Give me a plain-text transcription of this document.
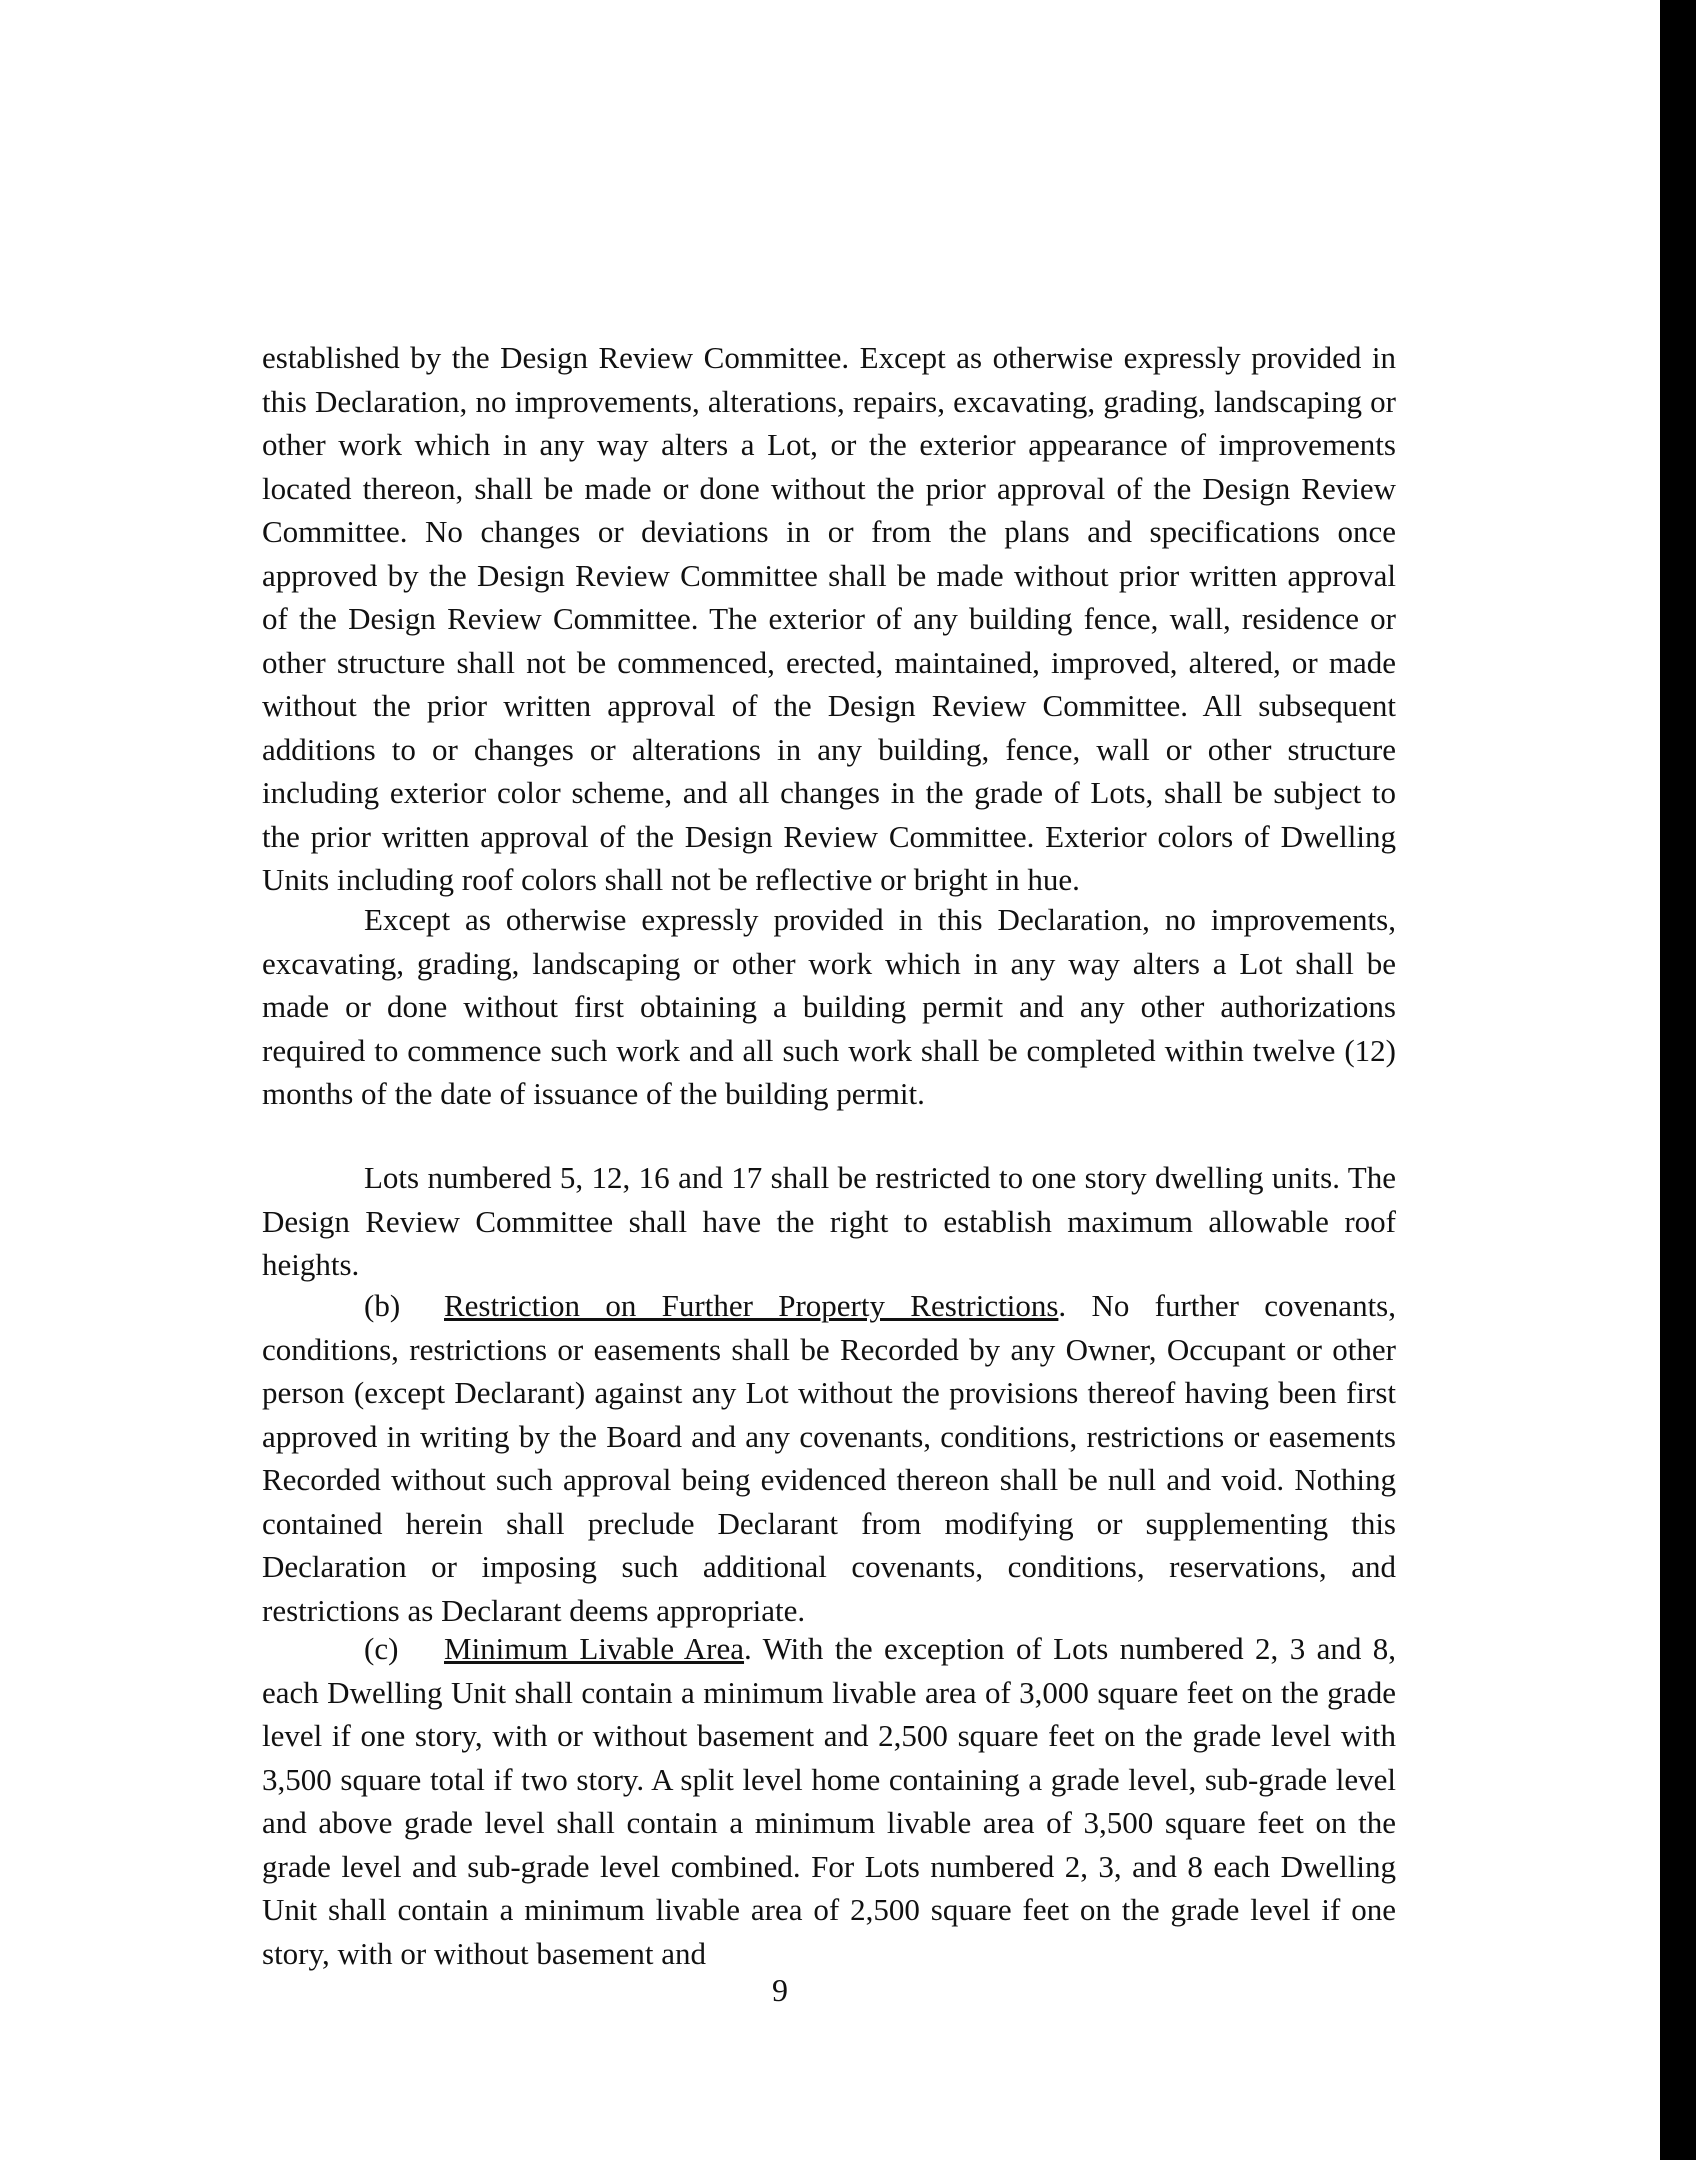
established by the Design Review Committee. Except as otherwise expressly provided in this Declaration, no improvements, alterations, repairs, excavating, grading, landscaping or other work which in any way alters a Lot, or the exterior appearance of improvements located thereon, shall be made or done without the prior approval of the Design Review Committee. No changes or deviations in or from the plans and specifications once approved by the Design Review Committee shall be made without prior written approval of the Design Review Committee. The exterior of any building fence, wall, residence or other structure shall not be commenced, erected, maintained, improved, altered, or made without the prior written approval of the Design Review Committee. All subsequent additions to or changes or alterations in any building, fence, wall or other structure including exterior color scheme, and all changes in the grade of Lots, shall be subject to the prior written approval of the Design Review Committee. Exterior colors of Dwelling Units including roof colors shall not be reflective or bright in hue.

Except as otherwise expressly provided in this Declaration, no improvements, excavating, grading, landscaping or other work which in any way alters a Lot shall be made or done without first obtaining a building permit and any other authorizations required to commence such work and all such work shall be completed within twelve (12) months of the date of issuance of the building permit.

Lots numbered 5, 12, 16 and 17 shall be restricted to one story dwelling units. The Design Review Committee shall have the right to establish maximum allowable roof heights.

(b) Restriction on Further Property Restrictions. No further covenants, conditions, restrictions or easements shall be Recorded by any Owner, Occupant or other person (except Declarant) against any Lot without the provisions thereof having been first approved in writing by the Board and any covenants, conditions, restrictions or easements Recorded without such approval being evidenced thereon shall be null and void. Nothing contained herein shall preclude Declarant from modifying or supplementing this Declaration or imposing such additional covenants, conditions, reservations, and restrictions as Declarant deems appropriate.

(c) Minimum Livable Area. With the exception of Lots numbered 2, 3 and 8, each Dwelling Unit shall contain a minimum livable area of 3,000 square feet on the grade level if one story, with or without basement and 2,500 square feet on the grade level with 3,500 square total if two story. A split level home containing a grade level, sub-grade level and above grade level shall contain a minimum livable area of 3,500 square feet on the grade level and sub-grade level combined. For Lots numbered 2, 3, and 8 each Dwelling Unit shall contain a minimum livable area of 2,500 square feet on the grade level if one story, with or without basement and

9
